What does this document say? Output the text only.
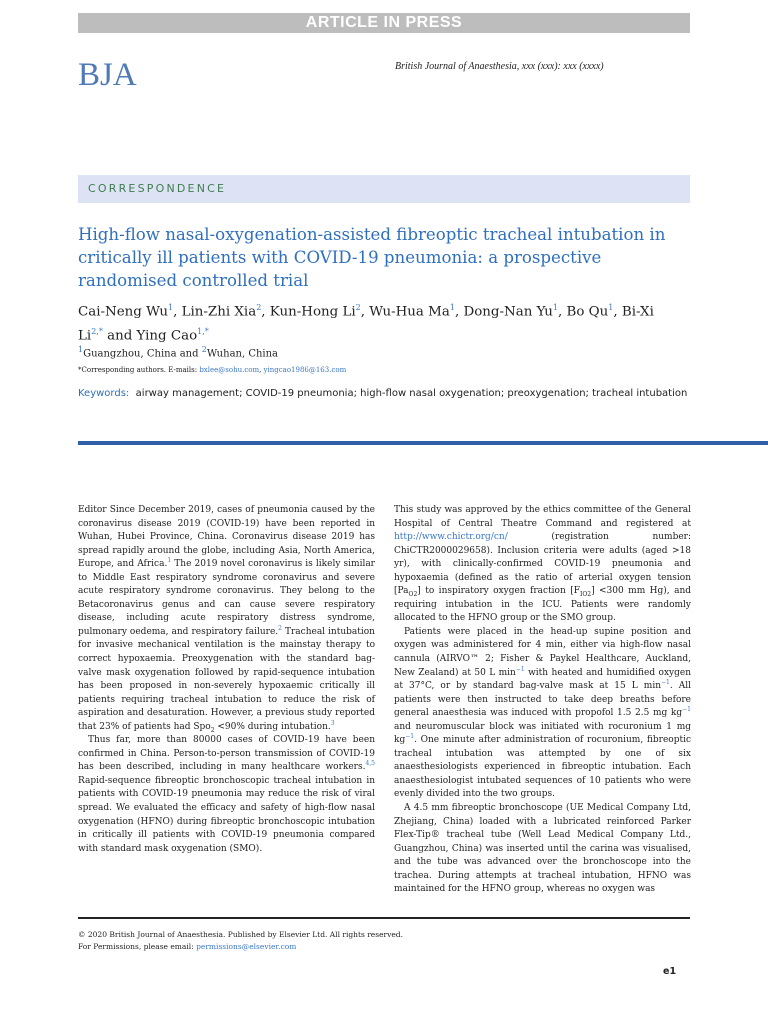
ARTICLE IN PRESS
BJA	British Journal of Anaesthesia, xxx (xxx): xxx (xxxx)
CORRESPONDENCE
High-flow nasal-oxygenation-assisted fibreoptic tracheal intubation in critically ill patients with COVID-19 pneumonia: a prospective randomised controlled trial
Cai-Neng Wu$^1$, Lin-Zhi Xia$^2$, Kun-Hong Li$^2$, Wu-Hua Ma$^1$, Dong-Nan Yu$^1$, Bo Qu$^1$, Bi-Xi $Li^{2,*}$ and Ying Cao$^{1,*}$
$^1$Guangzhou, China and $^2$Wuhan, China
*Corresponding authors. E-mails: bxlee@sohu.com, yingcao1986@163.com
Keywords: airway management; COVID-19 pneumonia; high-flow nasal oxygenation; preoxygenation; tracheal intubation

Editor Since December 2019, cases of pneumonia caused by the coronavirus disease 2019 (COVID-19) have been reported in Wuhan, Hubei Province, China. Coronavirus disease 2019 has spread rapidly around the globe, including Asia, North America, Europe, and Africa.$^1$ The 2019 novel coronavirus is likely similar to Middle East respiratory syndrome coronavirus and severe acute respiratory syndrome coronavirus. They belong to the Betacoronavirus genus and can cause severe respiratory disease, including acute respiratory distress syndrome, pulmonary oedema, and respiratory failure.$^2$ Tracheal intubation for invasive mechanical ventilation is the mainstay therapy to correct hypoxaemia. Preoxygenation with the standard bag-valve mask oxygenation followed by rapid-sequence intubation has been proposed in non-severely hypoxaemic critically ill patients requiring tracheal intubation to reduce the risk of aspiration and desaturation. However, a previous study reported that 23% of patients had Spo$_2$ <90% during intubation.$^3$

Thus far, more than 80000 cases of COVID-19 have been confirmed in China. Person-to-person transmission of COVID-19 has been described, including in many healthcare workers.$^{4,5}$ Rapid-sequence fibreoptic bronchoscopic tracheal intubation in patients with COVID-19 pneumonia may reduce the risk of viral spread. We evaluated the efficacy and safety of high-flow nasal oxygenation (HFNO) during fibreoptic bronchoscopic intubation in critically ill patients with COVID-19 pneumonia compared with standard mask oxygenation (SMO).

This study was approved by the ethics committee of the General Hospital of Central Theatre Command and registered at http://www.chictr.org/cn/ (registration number: ChiCTR2000029658). Inclusion criteria were adults (aged >18 yr), with clinically-confirmed COVID-19 pneumonia and hypoxaemia (defined as the ratio of arterial oxygen tension $[Pa_{O2}]$ to inspiratory oxygen fraction $[F_{IO2}] <300$ mm Hg), and requiring intubation in the ICU. Patients were randomly allocated to the HFNO group or the SMO group.

Patients were placed in the head-up supine position and oxygen was administered for 4 min, either via high-flow nasal cannula (AIRVO™ 2; Fisher & Paykel Healthcare, Auckland, New Zealand) at 50 L $\min^{-1}$ with heated and humidified oxygen at 37°C, or by standard bag-valve mask at 15 L $\min^{-1}$. All patients were then instructed to take deep breaths before general anaesthesia was induced with propofol 1.5 2.5 mg $kg^{-1}$ and neuromuscular block was initiated with rocuronium 1 mg $kg^{-1}$. One minute after administration of rocuronium, fibreoptic tracheal intubation was attempted by one of six anaesthesiologists experienced in fibreoptic intubation. Each anaesthesiologist intubated sequences of 10 patients who were evenly divided into the two groups.

A 4.5 mm fibreoptic bronchoscope (UE Medical Company Ltd, Zhejiang, China) loaded with a lubricated reinforced Parker Flex-Tip® tracheal tube (Well Lead Medical Company Ltd., Guangzhou, China) was inserted until the carina was visualised, and the tube was advanced over the bronchoscope into the trachea. During attempts at tracheal intubation, HFNO was maintained for the HFNO group, whereas no oxygen was

© 2020 British Journal of Anaesthesia. Published by Elsevier Ltd. All rights reserved.
For Permissions, please email: permissions@elsevier.com
e1
